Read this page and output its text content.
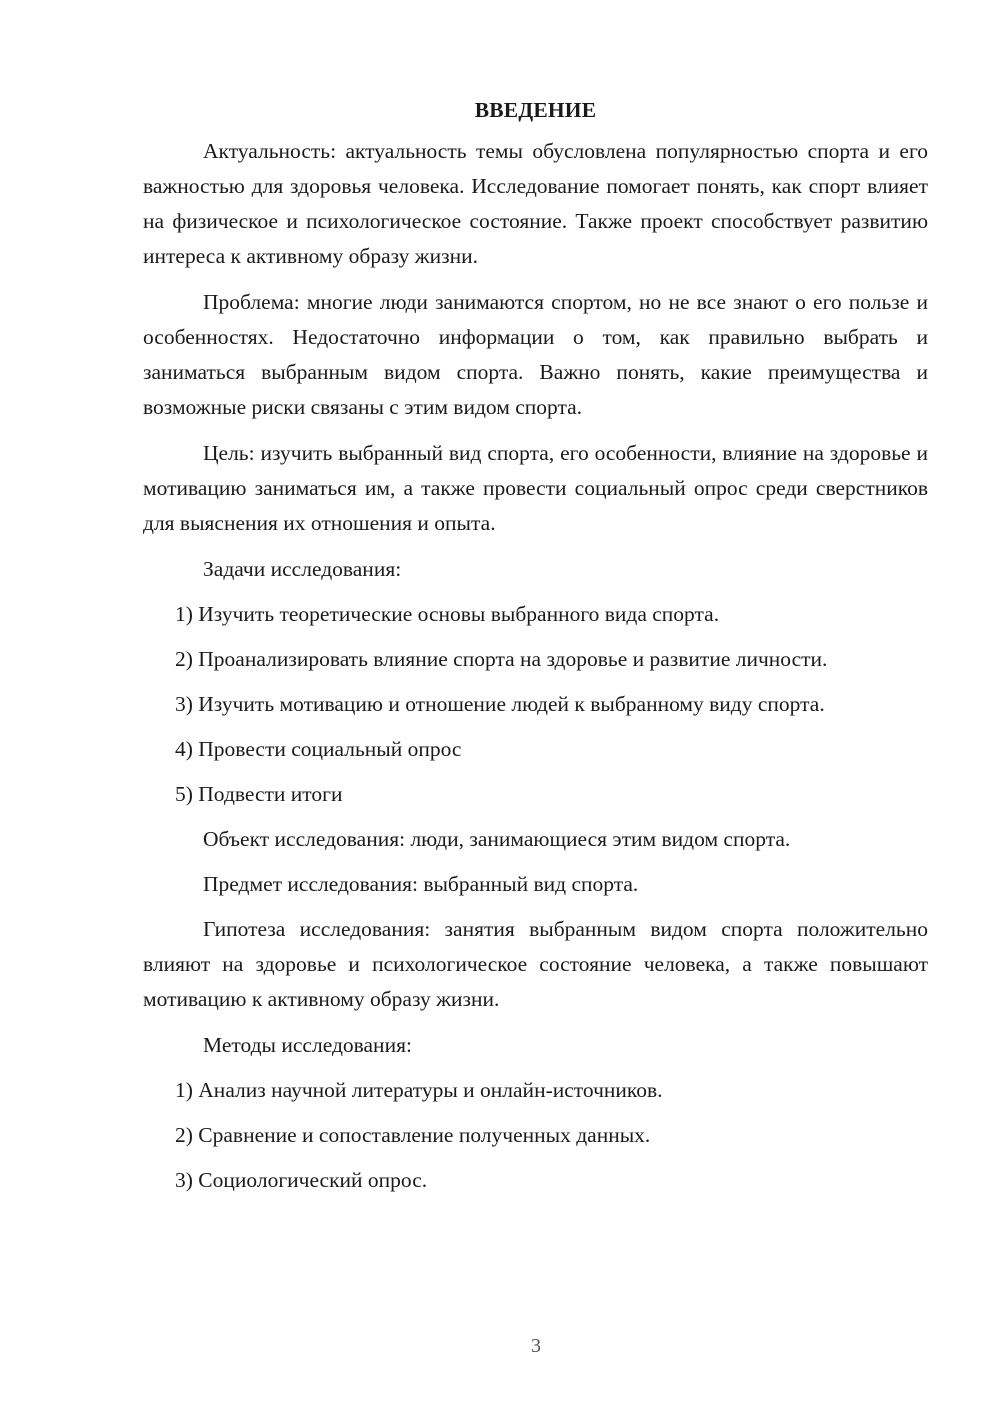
ВВЕДЕНИЕ

Актуальность: актуальность темы обусловлена популярностью спорта и его важностью для здоровья человека. Исследование помогает понять, как спорт влияет на физическое и психологическое состояние. Также проект способствует развитию интереса к активному образу жизни.

Проблема: многие люди занимаются спортом, но не все знают о его пользе и особенностях. Недостаточно информации о том, как правильно выбрать и заниматься выбранным видом спорта. Важно понять, какие преимущества и возможные риски связаны с этим видом спорта.

Цель: изучить выбранный вид спорта, его особенности, влияние на здоровье и мотивацию заниматься им, а также провести социальный опрос среди сверстников для выяснения их отношения и опыта.

Задачи исследования:

1) Изучить теоретические основы выбранного вида спорта.

2) Проанализировать влияние спорта на здоровье и развитие личности.

3) Изучить мотивацию и отношение людей к выбранному виду спорта.

4) Провести социальный опрос

5) Подвести итоги

Объект исследования: люди, занимающиеся этим видом спорта.

Предмет исследования: выбранный вид спорта.

Гипотеза исследования: занятия выбранным видом спорта положительно влияют на здоровье и психологическое состояние человека, а также повышают мотивацию к активному образу жизни.

Методы исследования:

1) Анализ научной литературы и онлайн-источников.

2) Сравнение и сопоставление полученных данных.

3) Социологический опрос.

3
